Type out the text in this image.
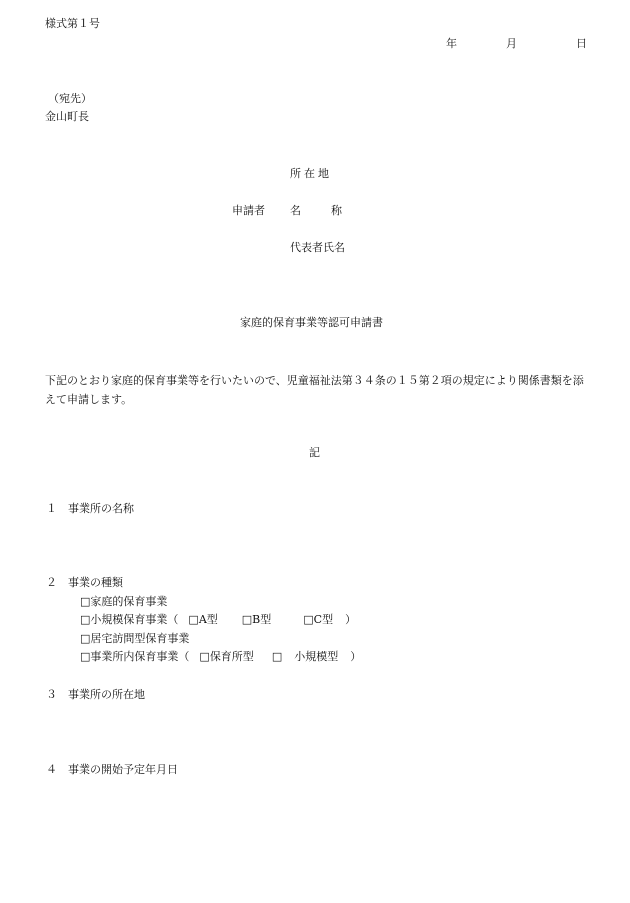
様式第１号
年	月	日
（宛先）
金山町長
所在地
申請者 名	称
代表者氏名
家庭的保育事業等認可申請書
下記のとおり家庭的保育事業等を行いたいので、児童福祉法第３４条の１５第２項の規定により関係書類を添えて申請します。
記
１ 事業所の名称
２ 事業の種類
□家庭的保育事業
□小規模保育事業（ □A型 □B型	□C型 ）
□居宅訪問型保育事業
□事業所内保育事業（ □保育所型 □ 小規模型 ）
３ 事業所の所在地
４ 事業の開始予定年月日
